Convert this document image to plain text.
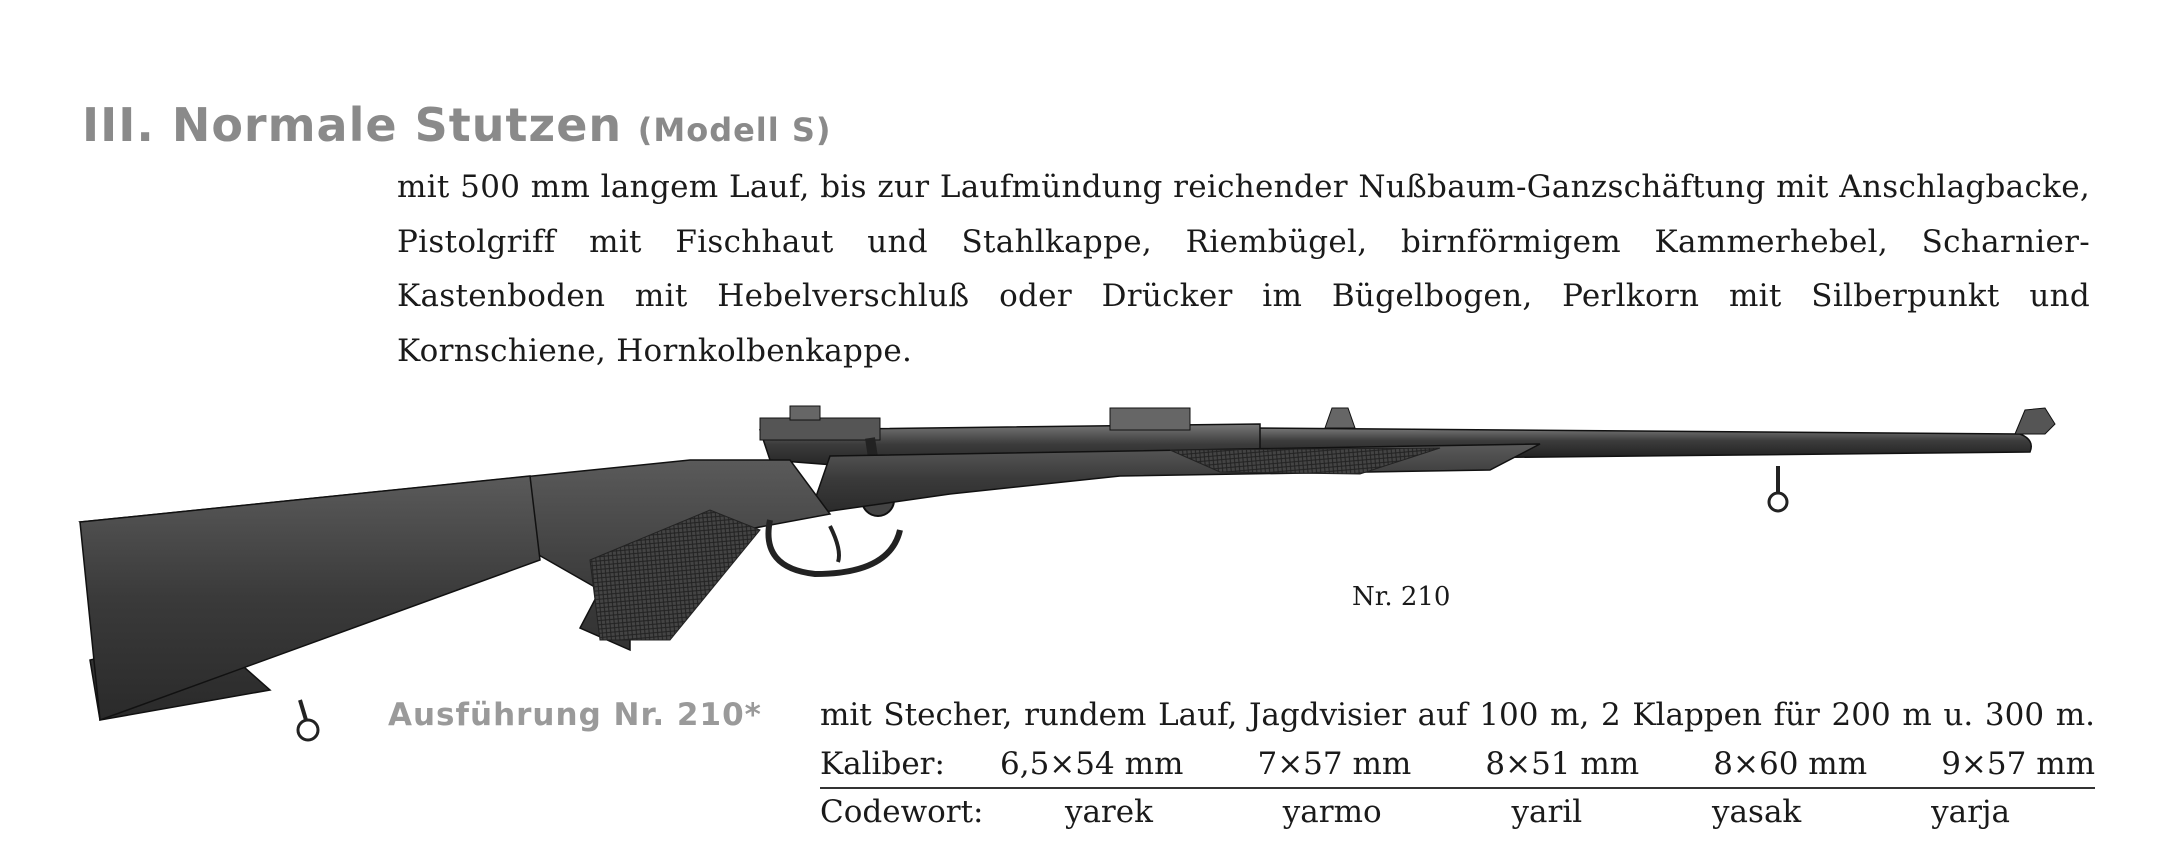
III. Normale Stutzen (Modell S)
mit 500 mm langem Lauf, bis zur Laufmündung reichender Nußbaum-Ganzschäftung mit Anschlagbacke, Pistolgriff mit Fischhaut und Stahlkappe, Riembügel, birnförmigem Kammerhebel, Scharnier-Kastenboden mit Hebelverschluß oder Drücker im Bügelbogen, Perlkorn mit Silberpunkt und Kornschiene, Hornkolbenkappe.
Nr. 210
Ausführung Nr. 210* mit Stecher, rundem Lauf, Jagdvisier auf 100 m, 2 Klappen für 200 m u. 300 m.
Kaliber:	6,5×54 mm 7×57 mm 8×51 mm 8×60 mm 9×57 mm
Codewort:	yarek	yarmo	yaril	yasak	yarja
